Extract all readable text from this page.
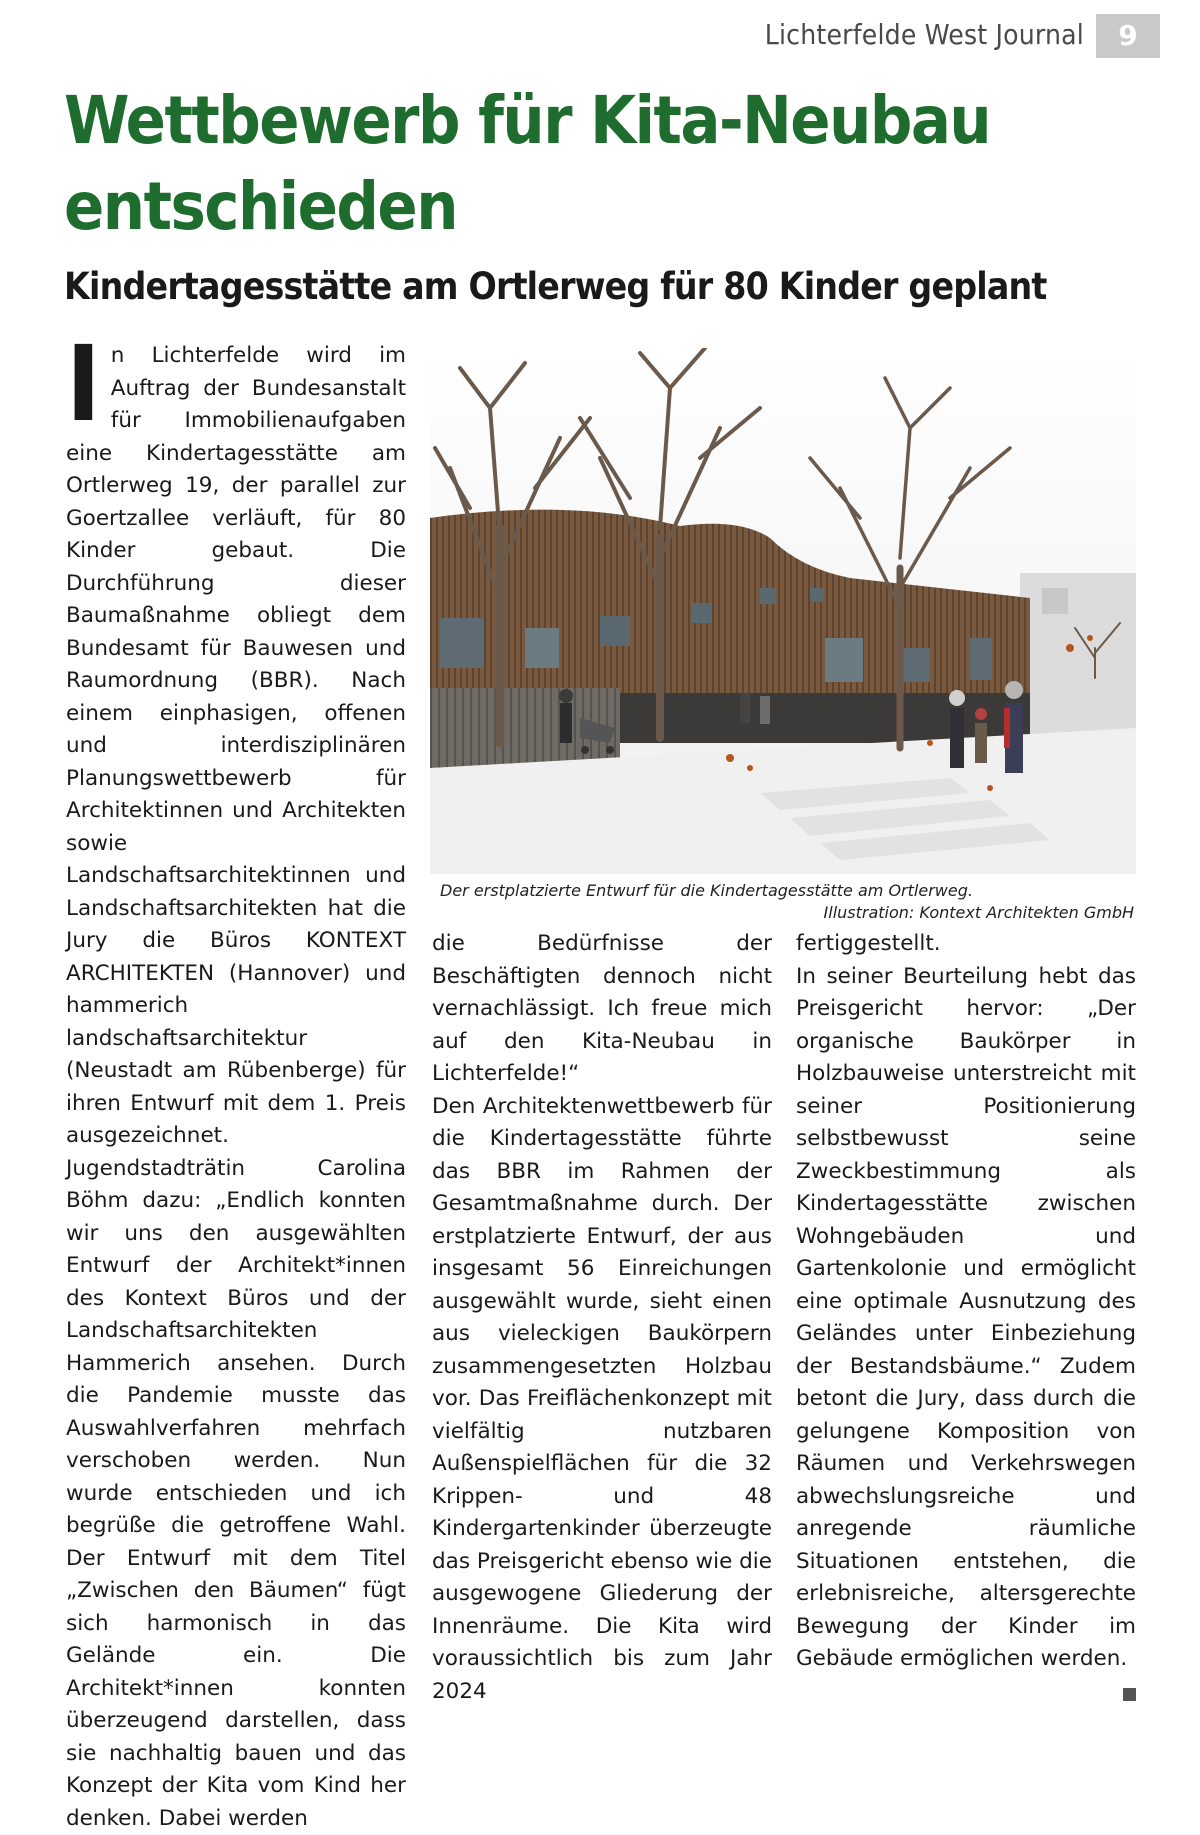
Lichterfelde West Journal	9
Wettbewerb für Kita-Neubau
entschieden
Kindertagesstätte am Ortlerweg für 80 Kinder geplant

In Lichterfelde wird im Auftrag der Bundesanstalt für Immobilienaufgaben eine Kindertagesstätte am Ortlerweg 19, der parallel zur Goertzallee verläuft, für 80 Kinder gebaut. Die Durchführung dieser Baumaßnahme obliegt dem Bundesamt für Bauwesen und Raumordnung (BBR). Nach einem einphasigen, offenen und interdisziplinären Planungswettbewerb für Architektinnen und Architekten sowie Landschaftsarchitektinnen und Landschaftsarchitekten hat die Jury die Büros KONTEXT ARCHITEKTEN (Hannover) und hammerich landschaftsarchitektur (Neustadt am Rübenberge) für ihren Entwurf mit dem 1. Preis ausgezeichnet.

Jugendstadträtin Carolina Böhm dazu: „Endlich konnten wir uns den ausgewählten Entwurf der Architekt*innen des Kontext Büros und der Landschaftsarchitekten Hammerich ansehen. Durch die Pandemie musste das Auswahlverfahren mehrfach verschoben werden. Nun wurde entschieden und ich begrüße die getroffene Wahl. Der Entwurf mit dem Titel „Zwischen den Bäumen“ fügt sich harmonisch in das Gelände ein. Die Architekt*innen konnten überzeugend darstellen, dass sie nachhaltig bauen und das Konzept der Kita vom Kind her denken. Dabei werden

Der erstplatzierte Entwurf für die Kindertagesstätte am Ortlerweg.
Illustration: Kontext Architekten GmbH

die Bedürfnisse der Beschäftigten dennoch nicht vernachlässigt. Ich freue mich auf den Kita-Neubau in Lichterfelde!“

Den Architektenwettbewerb für die Kindertagesstätte führte das BBR im Rahmen der Gesamtmaßnahme durch. Der erstplatzierte Entwurf, der aus insgesamt 56 Einreichungen ausgewählt wurde, sieht einen aus vieleckigen Baukörpern zusammengesetzten Holzbau vor. Das Freiflächenkonzept mit vielfältig nutzbaren Außenspielflächen für die 32 Krippen- und 48 Kindergartenkinder überzeugte das Preisgericht ebenso wie die ausgewogene Gliederung der Innenräume. Die Kita wird voraussichtlich bis zum Jahr 2024

fertiggestellt.

In seiner Beurteilung hebt das Preisgericht hervor: „Der organische Baukörper in Holzbauweise unterstreicht mit seiner Positionierung selbstbewusst seine Zweckbestimmung als Kindertagesstätte zwischen Wohngebäuden und Gartenkolonie und ermöglicht eine optimale Ausnutzung des Geländes unter Einbeziehung der Bestandsbäume.“ Zudem betont die Jury, dass durch die gelungene Komposition von Räumen und Verkehrswegen abwechslungsreiche und anregende räumliche Situationen entstehen, die erlebnisreiche, altersgerechte Bewegung der Kinder im Gebäude ermöglichen werden.
